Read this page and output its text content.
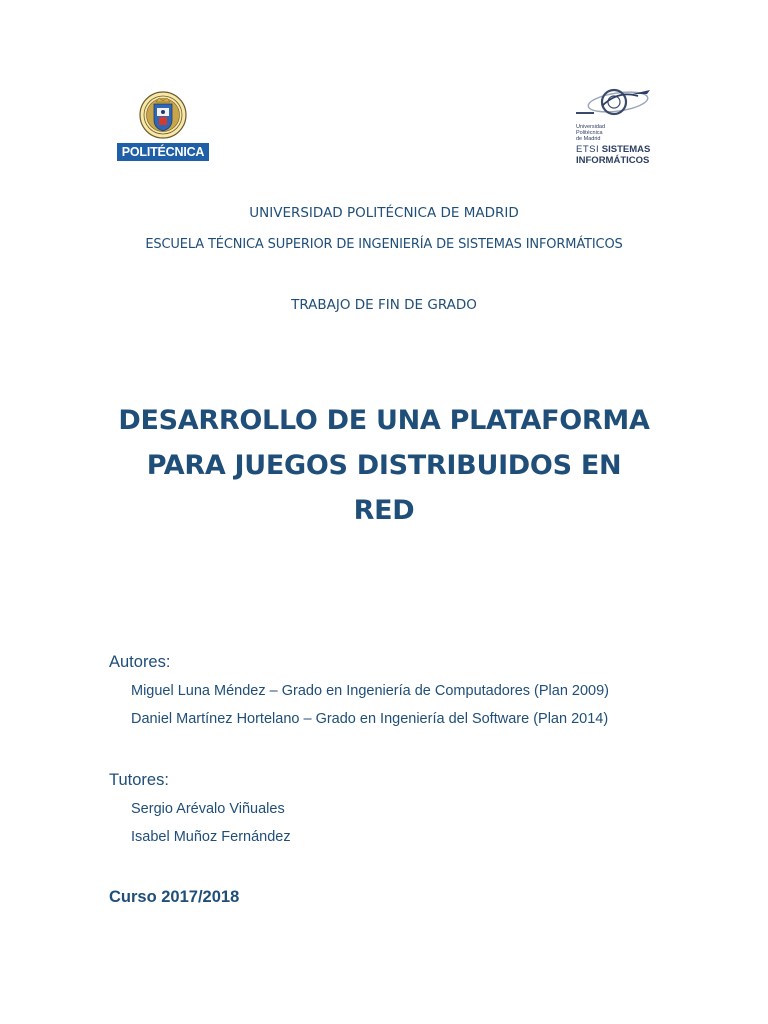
POLITÉCNICA
Universidad
Politécnica
de Madrid
ETSI SISTEMAS
INFORMÁTICOS
UNIVERSIDAD POLITÉCNICA DE MADRID
ESCUELA TÉCNICA SUPERIOR DE INGENIERÍA DE SISTEMAS INFORMÁTICOS
TRABAJO DE FIN DE GRADO
DESARROLLO DE UNA PLATAFORMA
PARA JUEGOS DISTRIBUIDOS EN
RED
Autores:
Miguel Luna Méndez – Grado en Ingeniería de Computadores (Plan 2009)
Daniel Martínez Hortelano – Grado en Ingeniería del Software (Plan 2014)
Tutores:
Sergio Arévalo Viñuales
Isabel Muñoz Fernández
Curso 2017/2018
